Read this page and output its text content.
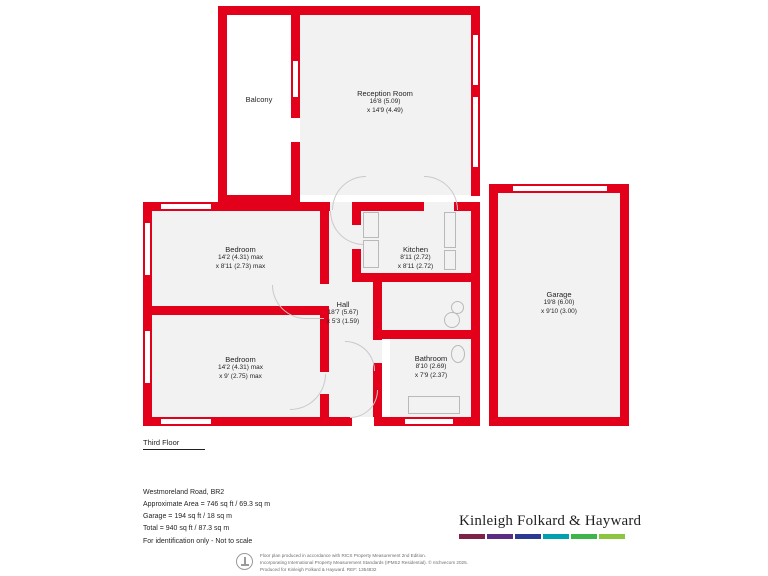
Balcony
Reception Room
16'8 (5.09)
x 14'9 (4.49)
Bedroom
14'2 (4.31) max
x 8'11 (2.73) max
Kitchen
8'11 (2.72)
x 8'11 (2.72)
Hall
18'7 (5.67)
x 5'3 (1.59)
Bedroom
14'2 (4.31) max
x 9' (2.75) max
Bathroom
8'10 (2.69)
x 7'9 (2.37)
Garage
19'8 (6.00)
x 9'10 (3.00)
Third Floor
Westmoreland Road, BR2
Approximate Area = 746 sq ft / 69.3 sq m
Garage = 194 sq ft / 18 sq m
Total = 940 sq ft / 87.3 sq m
For identification only - Not to scale
Kinleigh Folkard & Hayward
Floor plan produced in accordance with RICS Property Measurement 2nd Edition.
Incorporating International Property Measurement Standards (IPMS2 Residential). © ntchvecom 2025.
Produced for Kinleigh Folkard & Hayward. REF: 1354832
